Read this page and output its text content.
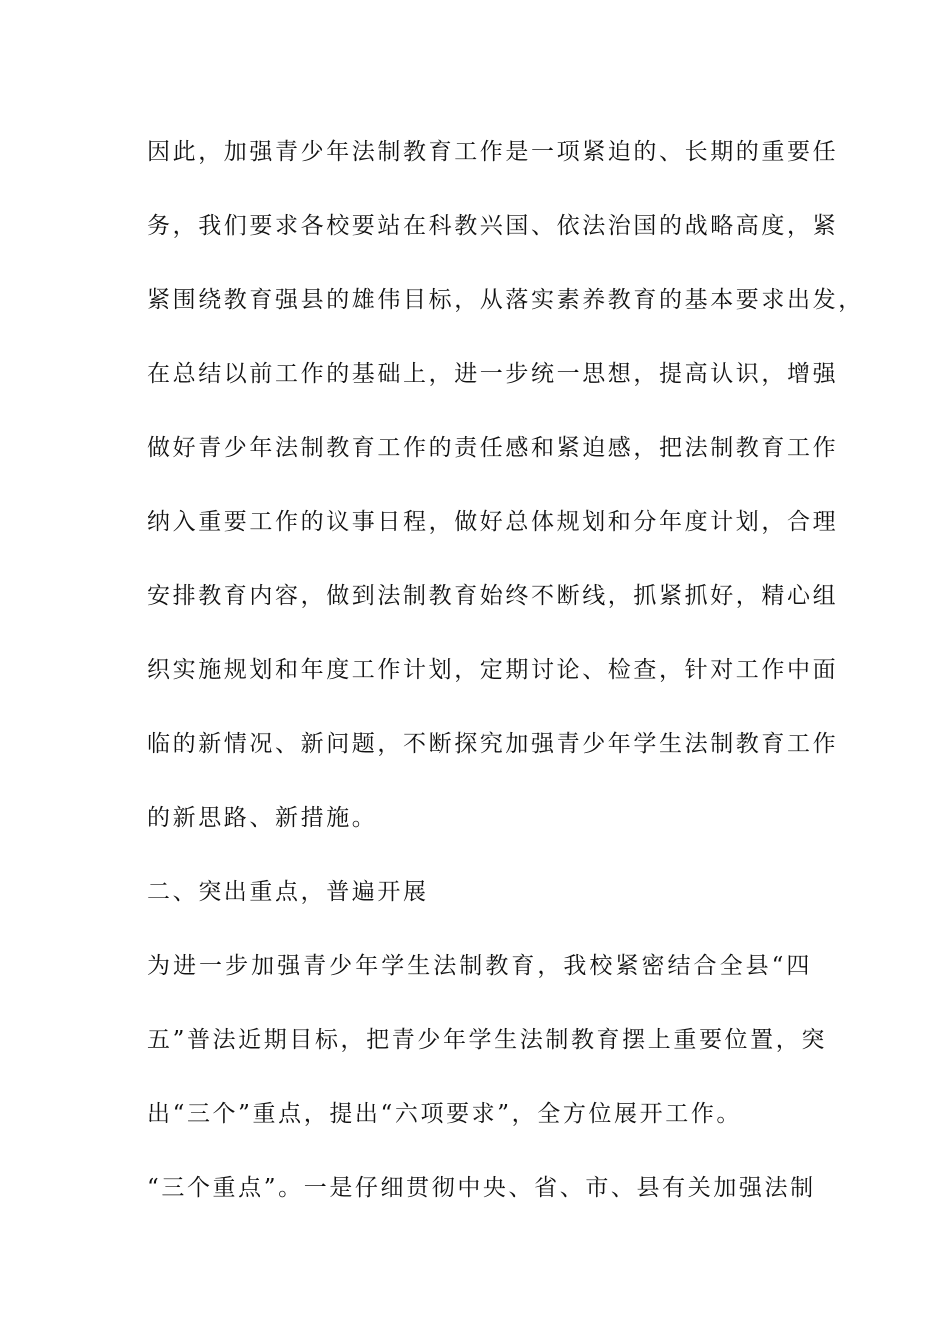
因此，加强青少年法制教育工作是一项紧迫的、长期的重要任
务，我们要求各校要站在科教兴国、依法治国的战略高度，紧
紧围绕教育强县的雄伟目标，从落实素养教育的基本要求出发，
在总结以前工作的基础上，进一步统一思想，提高认识，增强
做好青少年法制教育工作的责任感和紧迫感，把法制教育工作
纳入重要工作的议事日程，做好总体规划和分年度计划，合理
安排教育内容，做到法制教育始终不断线，抓紧抓好，精心组
织实施规划和年度工作计划，定期讨论、检查，针对工作中面
临的新情况、新问题，不断探究加强青少年学生法制教育工作
的新思路、新措施。
二、突出重点，普遍开展
为进一步加强青少年学生法制教育，我校紧密结合全县“四
五”普法近期目标，把青少年学生法制教育摆上重要位置，突
出“三个”重点，提出“六项要求”，全方位展开工作。
“三个重点”。一是仔细贯彻中央、省、市、县有关加强法制
